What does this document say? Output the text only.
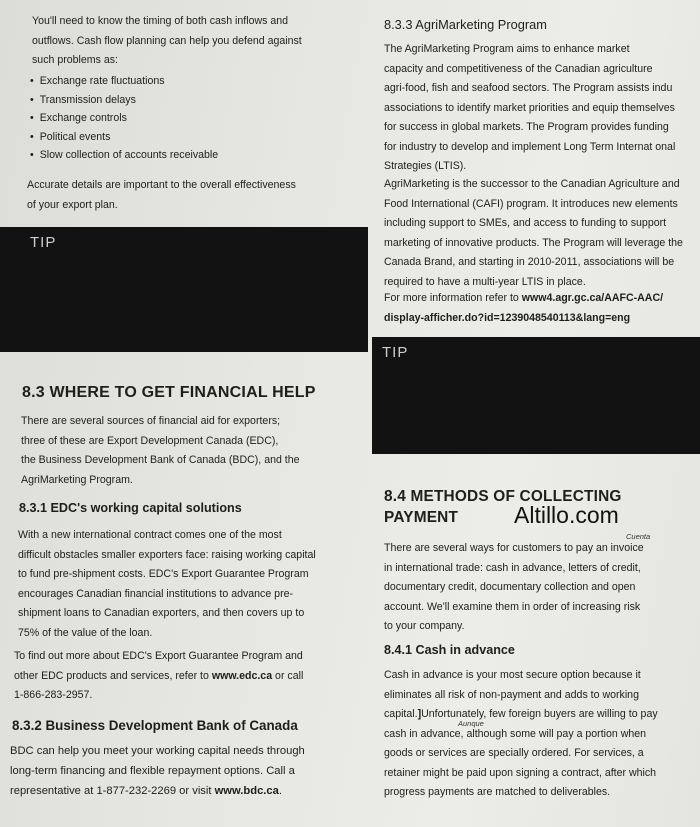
You'll need to know the timing of both cash inflows and

outflows. Cash flow planning can help you defend against

such problems as:

• Exchange rate fluctuations
• Transmission delays
• Exchange controls
• Political events
• Slow collection of accounts receivable

Accurate details are important to the overall effectiveness

of your export plan.

TIP
8.3 WHERE TO GET FINANCIAL HELP

There are several sources of financial aid for exporters;

three of these are Export Development Canada (EDC),

the Business Development Bank of Canada (BDC), and the

AgriMarketing Program.

8.3.1 EDC's working capital solutions

With a new international contract comes one of the most

difficult obstacles smaller exporters face: raising working capital

to fund pre-shipment costs. EDC's Export Guarantee Program

encourages Canadian financial institutions to advance pre-

shipment loans to Canadian exporters, and then covers up to

75% of the value of the loan.

To find out more about EDC's Export Guarantee Program and

other EDC products and services, refer to www.edc.ca or call

1-866-283-2957.

8.3.2 Business Development Bank of Canada

BDC can help you meet your working capital needs through

long-term financing and flexible repayment options. Call a

representative at 1-877-232-2269 or visit www.bdc.ca.

8.3.3 AgriMarketing Program

The AgriMarketing Program aims to enhance market

capacity and competitiveness of the Canadian agriculture

agri-food, fish and seafood sectors. The Program assists indu

associations to identify market priorities and equip themselves

for success in global markets. The Program provides funding

for industry to develop and implement Long Term Internat onal

Strategies (LTIS).

AgriMarketing is the successor to the Canadian Agriculture and

Food International (CAFI) program. It introduces new elements

including support to SMEs, and access to funding to support

marketing of innovative products. The Program will leverage the

Canada Brand, and starting in 2010-2011, associations will be

required to have a multi-year LTIS in place.

For more information refer to www4.agr.gc.ca/AAFC-AAC/

display-afficher.do?id=1239048540113&lang=eng

TIP
8.4 METHODS OF COLLECTING
PAYMENT	Altillo.com

There are several ways for customers to pay an invoice

in international trade: cash in advance, letters of credit,

documentary credit, documentary collection and open

account. We'll examine them in order of increasing risk

to your company.

Cuenta
8.4.1 Cash in advance

Cash in advance is your most secure option because it

eliminates all risk of non-payment and adds to working

capital.]Unfortunately, few foreign buyers are willing to pay

cash in advance, although some will pay a portion when

goods or services are specially ordered. For services, a

retainer might be paid upon signing a contract, after which

progress payments are matched to deliverables.

Aunque
